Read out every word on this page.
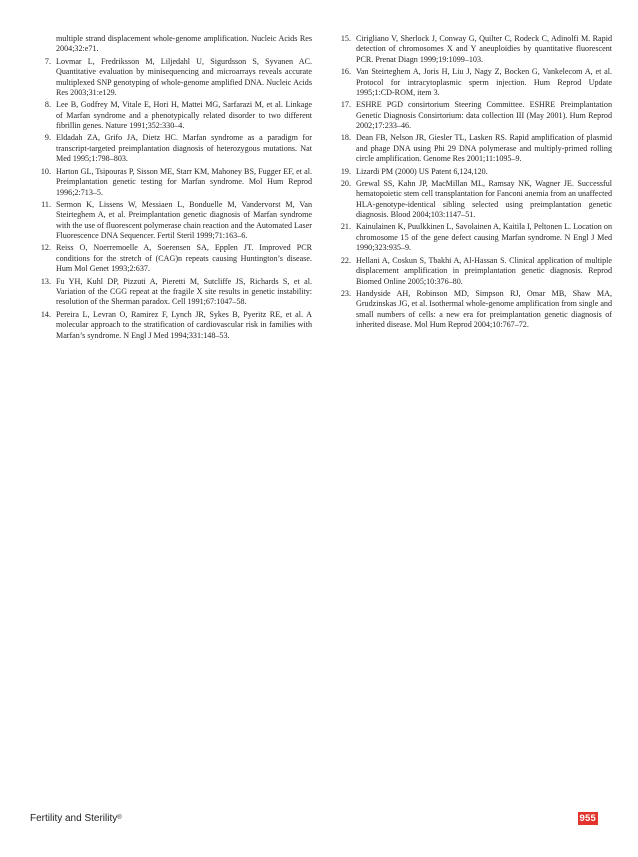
multiple strand displacement whole-genome amplification. Nucleic Acids Res 2004;32:e71.
7. Lovmar L, Fredriksson M, Liljedahl U, Sigurdsson S, Syvanen AC. Quantitative evaluation by minisequencing and microarrays reveals accurate multiplexed SNP genotyping of whole-genome amplified DNA. Nucleic Acids Res 2003;31:e129.
8. Lee B, Godfrey M, Vitale E, Hori H, Mattei MG, Sarfarazi M, et al. Linkage of Marfan syndrome and a phenotypically related disorder to two different fibrillin genes. Nature 1991;352:330–4.
9. Eldadah ZA, Grifo JA, Dietz HC. Marfan syndrome as a paradigm for transcript-targeted preimplantation diagnosis of heterozygous mutations. Nat Med 1995;1:798–803.
10. Harton GL, Tsipouras P, Sisson ME, Starr KM, Mahoney BS, Fugger EF, et al. Preimplantation genetic testing for Marfan syndrome. Mol Hum Reprod 1996;2:713–5.
11. Sermon K, Lissens W, Messiaen L, Bonduelle M, Vandervorst M, Van Steirteghem A, et al. Preimplantation genetic diagnosis of Marfan syndrome with the use of fluorescent polymerase chain reaction and the Automated Laser Fluorescence DNA Sequencer. Fertil Steril 1999;71:163–6.
12. Reiss O, Noerremoelle A, Soerensen SA, Epplen JT. Improved PCR conditions for the stretch of (CAG)n repeats causing Huntington’s disease. Hum Mol Genet 1993;2:637.
13. Fu YH, Kuhl DP, Pizzuti A, Pieretti M, Sutcliffe JS, Richards S, et al. Variation of the CGG repeat at the fragile X site results in genetic instability: resolution of the Sherman paradox. Cell 1991;67:1047–58.
14. Pereira L, Levran O, Ramirez F, Lynch JR, Sykes B, Pyeritz RE, et al. A molecular approach to the stratification of cardiovascular risk in families with Marfan’s syndrome. N Engl J Med 1994;331:148–53.
15. Cirigliano V, Sherlock J, Conway G, Quilter C, Rodeck C, Adinolfi M. Rapid detection of chromosomes X and Y aneuploidies by quantitative fluorescent PCR. Prenat Diagn 1999;19:1099–103.
16. Van Steirteghem A, Joris H, Liu J, Nagy Z, Bocken G, Vankelecom A, et al. Protocol for intracytoplasmic sperm injection. Hum Reprod Update 1995;1:CD-ROM, item 3.
17. ESHRE PGD consirtorium Steering Committee. ESHRE Preimplantation Genetic Diagnosis Consirtorium: data collection III (May 2001). Hum Reprod 2002;17:233–46.
18. Dean FB, Nelson JR, Giesler TL, Lasken RS. Rapid amplification of plasmid and phage DNA using Phi 29 DNA polymerase and multiply-primed rolling circle amplification. Genome Res 2001;11:1095–9.
19. Lizardi PM (2000) US Patent 6,124,120.
20. Grewal SS, Kahn JP, MacMillan ML, Ramsay NK, Wagner JE. Successful hematopoietic stem cell transplantation for Fanconi anemia from an unaffected HLA-genotype-identical sibling selected using preimplantation genetic diagnosis. Blood 2004;103:1147–51.
21. Kainulainen K, Puulkkinen L, Savolainen A, Kaitila I, Peltonen L. Location on chromosome 15 of the gene defect causing Marfan syndrome. N Engl J Med 1990;323:935–9.
22. Hellani A, Coskun S, Tbakhi A, Al-Hassan S. Clinical application of multiple displacement amplification in preimplantation genetic diagnosis. Reprod Biomed Online 2005;10:376–80.
23. Handyside AH, Robinson MD, Simpson RJ, Omar MB, Shaw MA, Grudzinskas JG, et al. Isothermal whole-genome amplification from single and small numbers of cells: a new era for preimplantation genetic diagnosis of inherited disease. Mol Hum Reprod 2004;10:767–72.
Fertility and Sterility®	955
